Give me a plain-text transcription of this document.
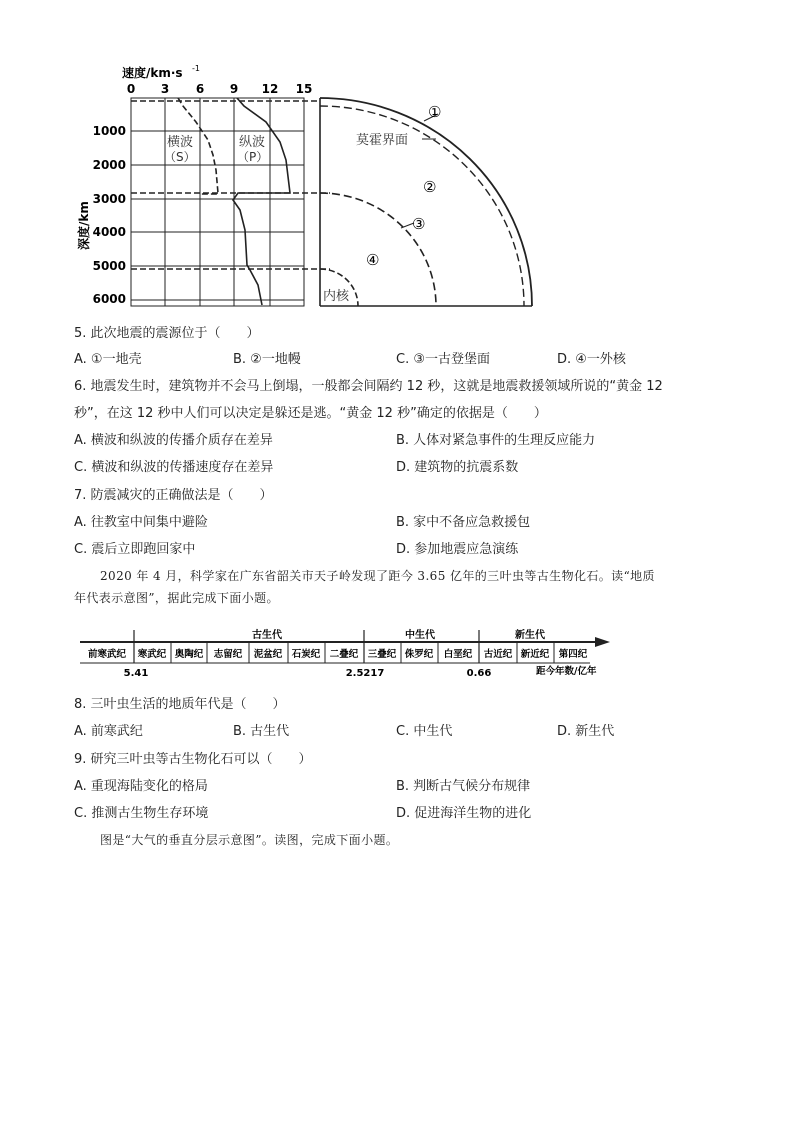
速度/km·s -1
0 3 6 9 12 15
1000
2000
3000
4000
5000
6000
深度/km
横波
（S）
纵波
（P）
①
莫霍界面
②
③
④
内核
5. 此次地震的震源位于（　　）
A. ①一地壳	B. ②一地幔	C. ③一古登堡面	D. ④一外核
6. 地震发生时，建筑物并不会马上倒塌，一般都会间隔约 12 秒，这就是地震救援领域所说的“黄金 12
秒”，在这 12 秒中人们可以决定是躲还是逃。“黄金 12 秒”确定的依据是（　　）
A. 横波和纵波的传播介质存在差异	B. 人体对紧急事件的生理反应能力
C. 横波和纵波的传播速度存在差异	D. 建筑物的抗震系数
7. 防震减灾的正确做法是（　　）
A. 往教室中间集中避险	B. 家中不备应急救援包
C. 震后立即跑回家中	D. 参加地震应急演练
2020 年 4 月，科学家在广东省韶关市天子岭发现了距今 3.65 亿年的三叶虫等古生物化石。读“地质
年代表示意图”，据此完成下面小题。
古生代	中生代	新生代
前寒武纪 寒武纪 奥陶纪 志留纪 泥盆纪 石炭纪 二叠纪 三叠纪 侏罗纪 白垩纪 古近纪 新近纪 第四纪
5.41	2.5217	0.66	距今年数/亿年
8. 三叶虫生活的地质年代是（　　）
A. 前寒武纪	B. 古生代	C. 中生代	D. 新生代
9. 研究三叶虫等古生物化石可以（　　）
A. 重现海陆变化的格局	B. 判断古气候分布规律
C. 推测古生物生存环境	D. 促进海洋生物的进化
图是“大气的垂直分层示意图”。读图，完成下面小题。
